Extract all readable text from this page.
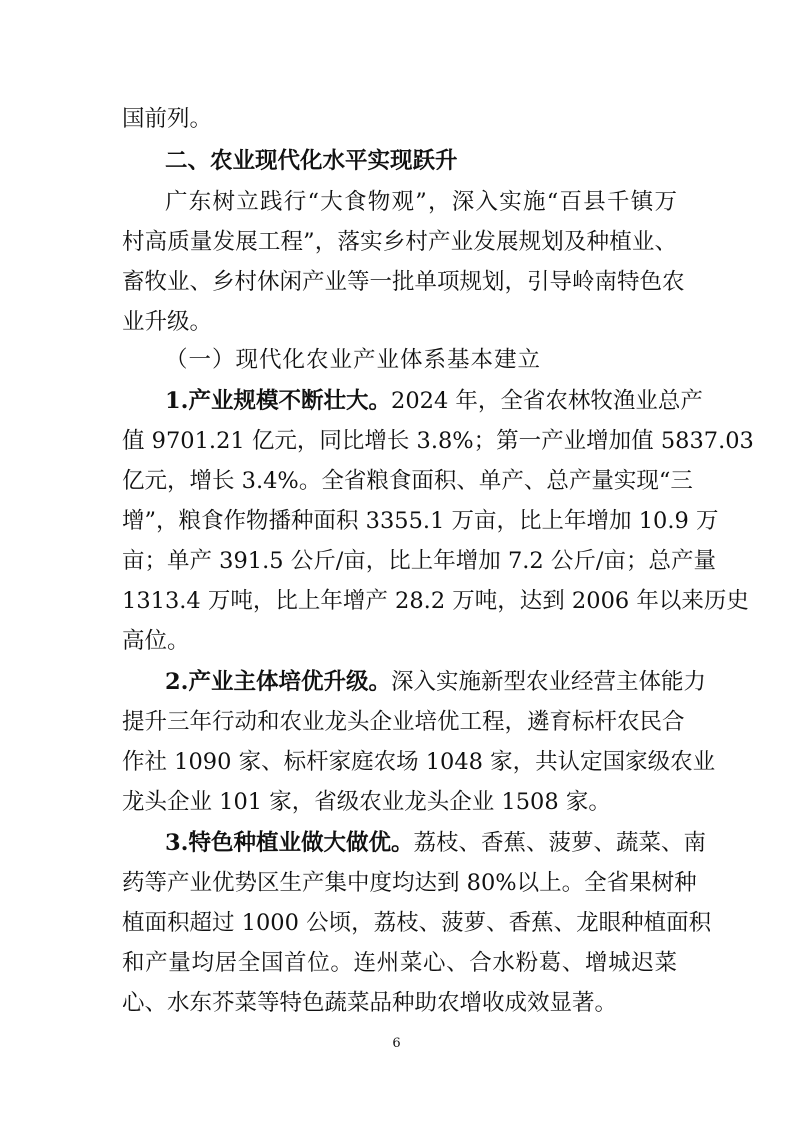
国前列。
二、农业现代化水平实现跃升
广东树立践行“大食物观”，深入实施“百县千镇万
村高质量发展工程”，落实乡村产业发展规划及种植业、
畜牧业、乡村休闲产业等一批单项规划，引导岭南特色农
业升级。
（一）现代化农业产业体系基本建立
1.产业规模不断壮大。2024 年，全省农林牧渔业总产
值 9701.21 亿元，同比增长 3.8%；第一产业增加值 5837.03
亿元，增长 3.4%。全省粮食面积、单产、总产量实现“三
增”，粮食作物播种面积 3355.1 万亩，比上年增加 10.9 万
亩；单产 391.5 公斤/亩，比上年增加 7.2 公斤/亩；总产量
1313.4 万吨，比上年增产 28.2 万吨，达到 2006 年以来历史
高位。
2.产业主体培优升级。深入实施新型农业经营主体能力
提升三年行动和农业龙头企业培优工程，遴育标杆农民合
作社 1090 家、标杆家庭农场 1048 家，共认定国家级农业
龙头企业 101 家，省级农业龙头企业 1508 家。
3.特色种植业做大做优。荔枝、香蕉、菠萝、蔬菜、南
药等产业优势区生产集中度均达到 80%以上。全省果树种
植面积超过 1000 公顷，荔枝、菠萝、香蕉、龙眼种植面积
和产量均居全国首位。连州菜心、合水粉葛、增城迟菜
心、水东芥菜等特色蔬菜品种助农增收成效显著。
6
